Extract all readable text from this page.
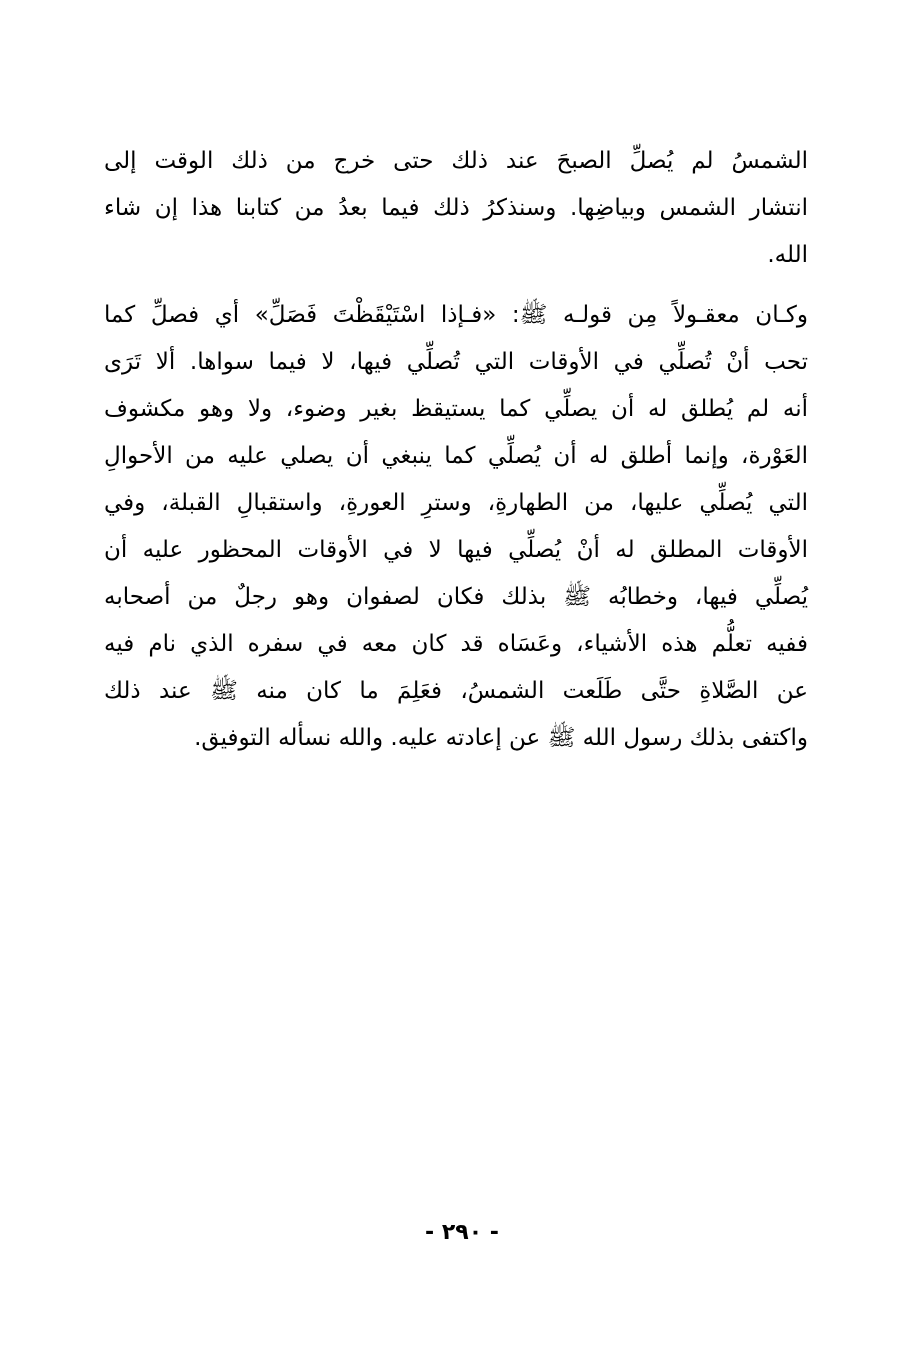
الشمسُ لم يُصلِّ الصبحَ عند ذلك حتى خرج من ذلك الوقت إلى
انتشار الشمس وبياضِها. وسنذكرُ ذلك فيما بعدُ من كتابنا هذا إن شاء
الله.
وكـان معقـولاً مِن قولـه ﷺ: «فـإذا اسْتَيْقَظْتَ فَصَلِّ» أي فصلِّ كما
تحب أنْ تُصلِّي في الأوقات التي تُصلِّي فيها، لا فيما سواها. ألا تَرَى
أنه لم يُطلق له أن يصلِّي كما يستيقظ بغير وضوء، ولا وهو مكشوف
العَوْرة، وإنما أطلق له أن يُصلِّي كما ينبغي أن يصلي عليه من الأحوالِ
التي يُصلِّي عليها، من الطهارةِ، وسترِ العورةِ، واستقبالِ القبلة، وفي
الأوقات المطلق له أنْ يُصلِّي فيها لا في الأوقات المحظور عليه أن
يُصلِّي فيها، وخطابُه ﷺ بذلك فكان لصفوان وهو رجلٌ من أصحابه
ففيه تعلُّم هذه الأشياء، وعَسَاه قد كان معه في سفره الذي نام فيه
عن الصَّلاةِ حتَّى طَلَعت الشمسُ، فعَلِمَ ما كان منه ﷺ عند ذلك
واكتفى بذلك رسول الله ﷺ عن إعادته عليه. والله نسأله التوفيق.
- ٢٩٠ -
